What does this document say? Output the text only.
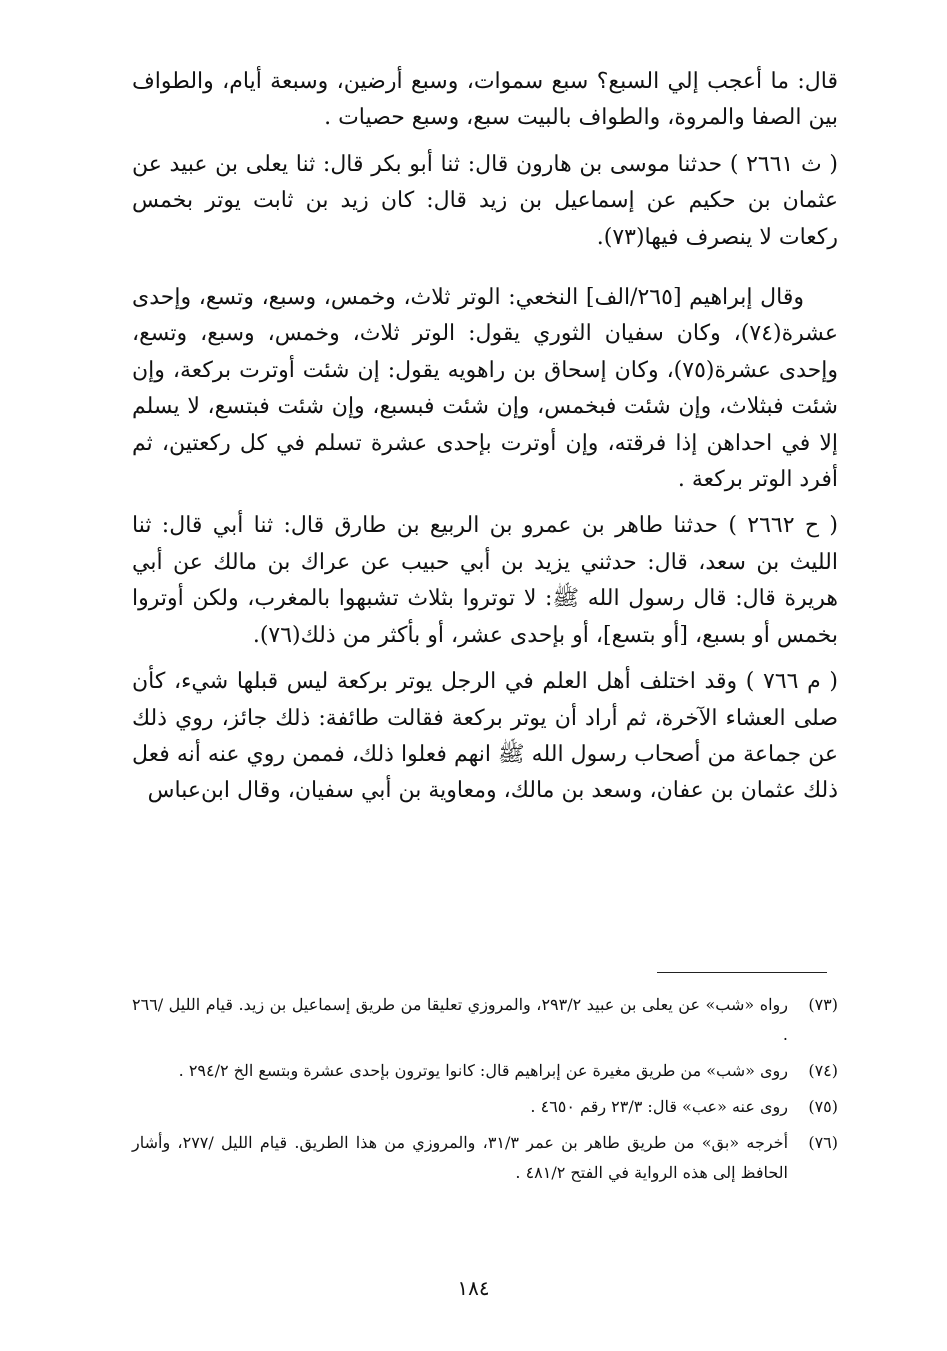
قال: ما أعجب إلي السبع؟ سبع سموات، وسبع أرضين، وسبعة أيام، والطواف بين الصفا والمروة، والطواف بالبيت سبع، وسبع حصيات .

( ث ٢٦٦١ ) حدثنا موسى بن هارون قال: ثنا أبو بكر قال: ثنا يعلى بن عبيد عن عثمان بن حكيم عن إسماعيل بن زيد قال: كان زيد بن ثابت يوتر بخمس ركعات لا ينصرف فيها(٧٣).

وقال إبراهيم [٢٦٥/الف] النخعي: الوتر ثلاث، وخمس، وسبع، وتسع، وإحدى عشرة(٧٤)، وكان سفيان الثوري يقول: الوتر ثلاث، وخمس، وسبع، وتسع، وإحدى عشرة(٧٥)، وكان إسحاق بن راهويه يقول: إن شئت أوترت بركعة، وإن شئت فبثلاث، وإن شئت فبخمس، وإن شئت فبسبع، وإن شئت فبتسع، لا يسلم إلا في احداهن إذا فرقته، وإن أوترت بإحدى عشرة تسلم في كل ركعتين، ثم أفرد الوتر بركعة .

( ح ٢٦٦٢ ) حدثنا طاهر بن عمرو بن الربيع بن طارق قال: ثنا أبي قال: ثنا الليث بن سعد، قال: حدثني يزيد بن أبي حبيب عن عراك بن مالك عن أبي هريرة قال: قال رسول الله ﷺ: لا توتروا بثلاث تشبهوا بالمغرب، ولكن أوتروا بخمس أو بسبع، [أو بتسع]، أو بإحدى عشر، أو بأكثر من ذلك(٧٦).

( م ٧٦٦ ) وقد اختلف أهل العلم في الرجل يوتر بركعة ليس قبلها شيء، كأن صلى العشاء الآخرة، ثم أراد أن يوتر بركعة فقالت طائفة: ذلك جائز، روي ذلك عن جماعة من أصحاب رسول الله ﷺ انهم فعلوا ذلك، فممن روي عنه أنه فعل ذلك عثمان بن عفان، وسعد بن مالك، ومعاوية بن أبي سفيان، وقال ابن‌عباس

(٧٣)
رواه «شب» عن يعلى بن عبيد ٢٩٣/٢، والمروزي تعليقا من طريق إسماعيل بن زيد. قيام الليل /٢٦٦ .
(٧٤)
روى «شب» من طريق مغيرة عن إبراهيم قال: كانوا يوترون بإحدى عشرة وبتسع الخ ٢٩٤/٢ .
(٧٥)
روى عنه «عب» قال: ٢٣/٣ رقم ٤٦٥٠ .
(٧٦)
أخرجه «بق» من طريق طاهر بن عمر ٣١/٣، والمروزي من هذا الطريق. قيام الليل /٢٧٧، وأشار الحافظ إلى هذه الرواية في الفتح ٤٨١/٢ .
١٨٤
